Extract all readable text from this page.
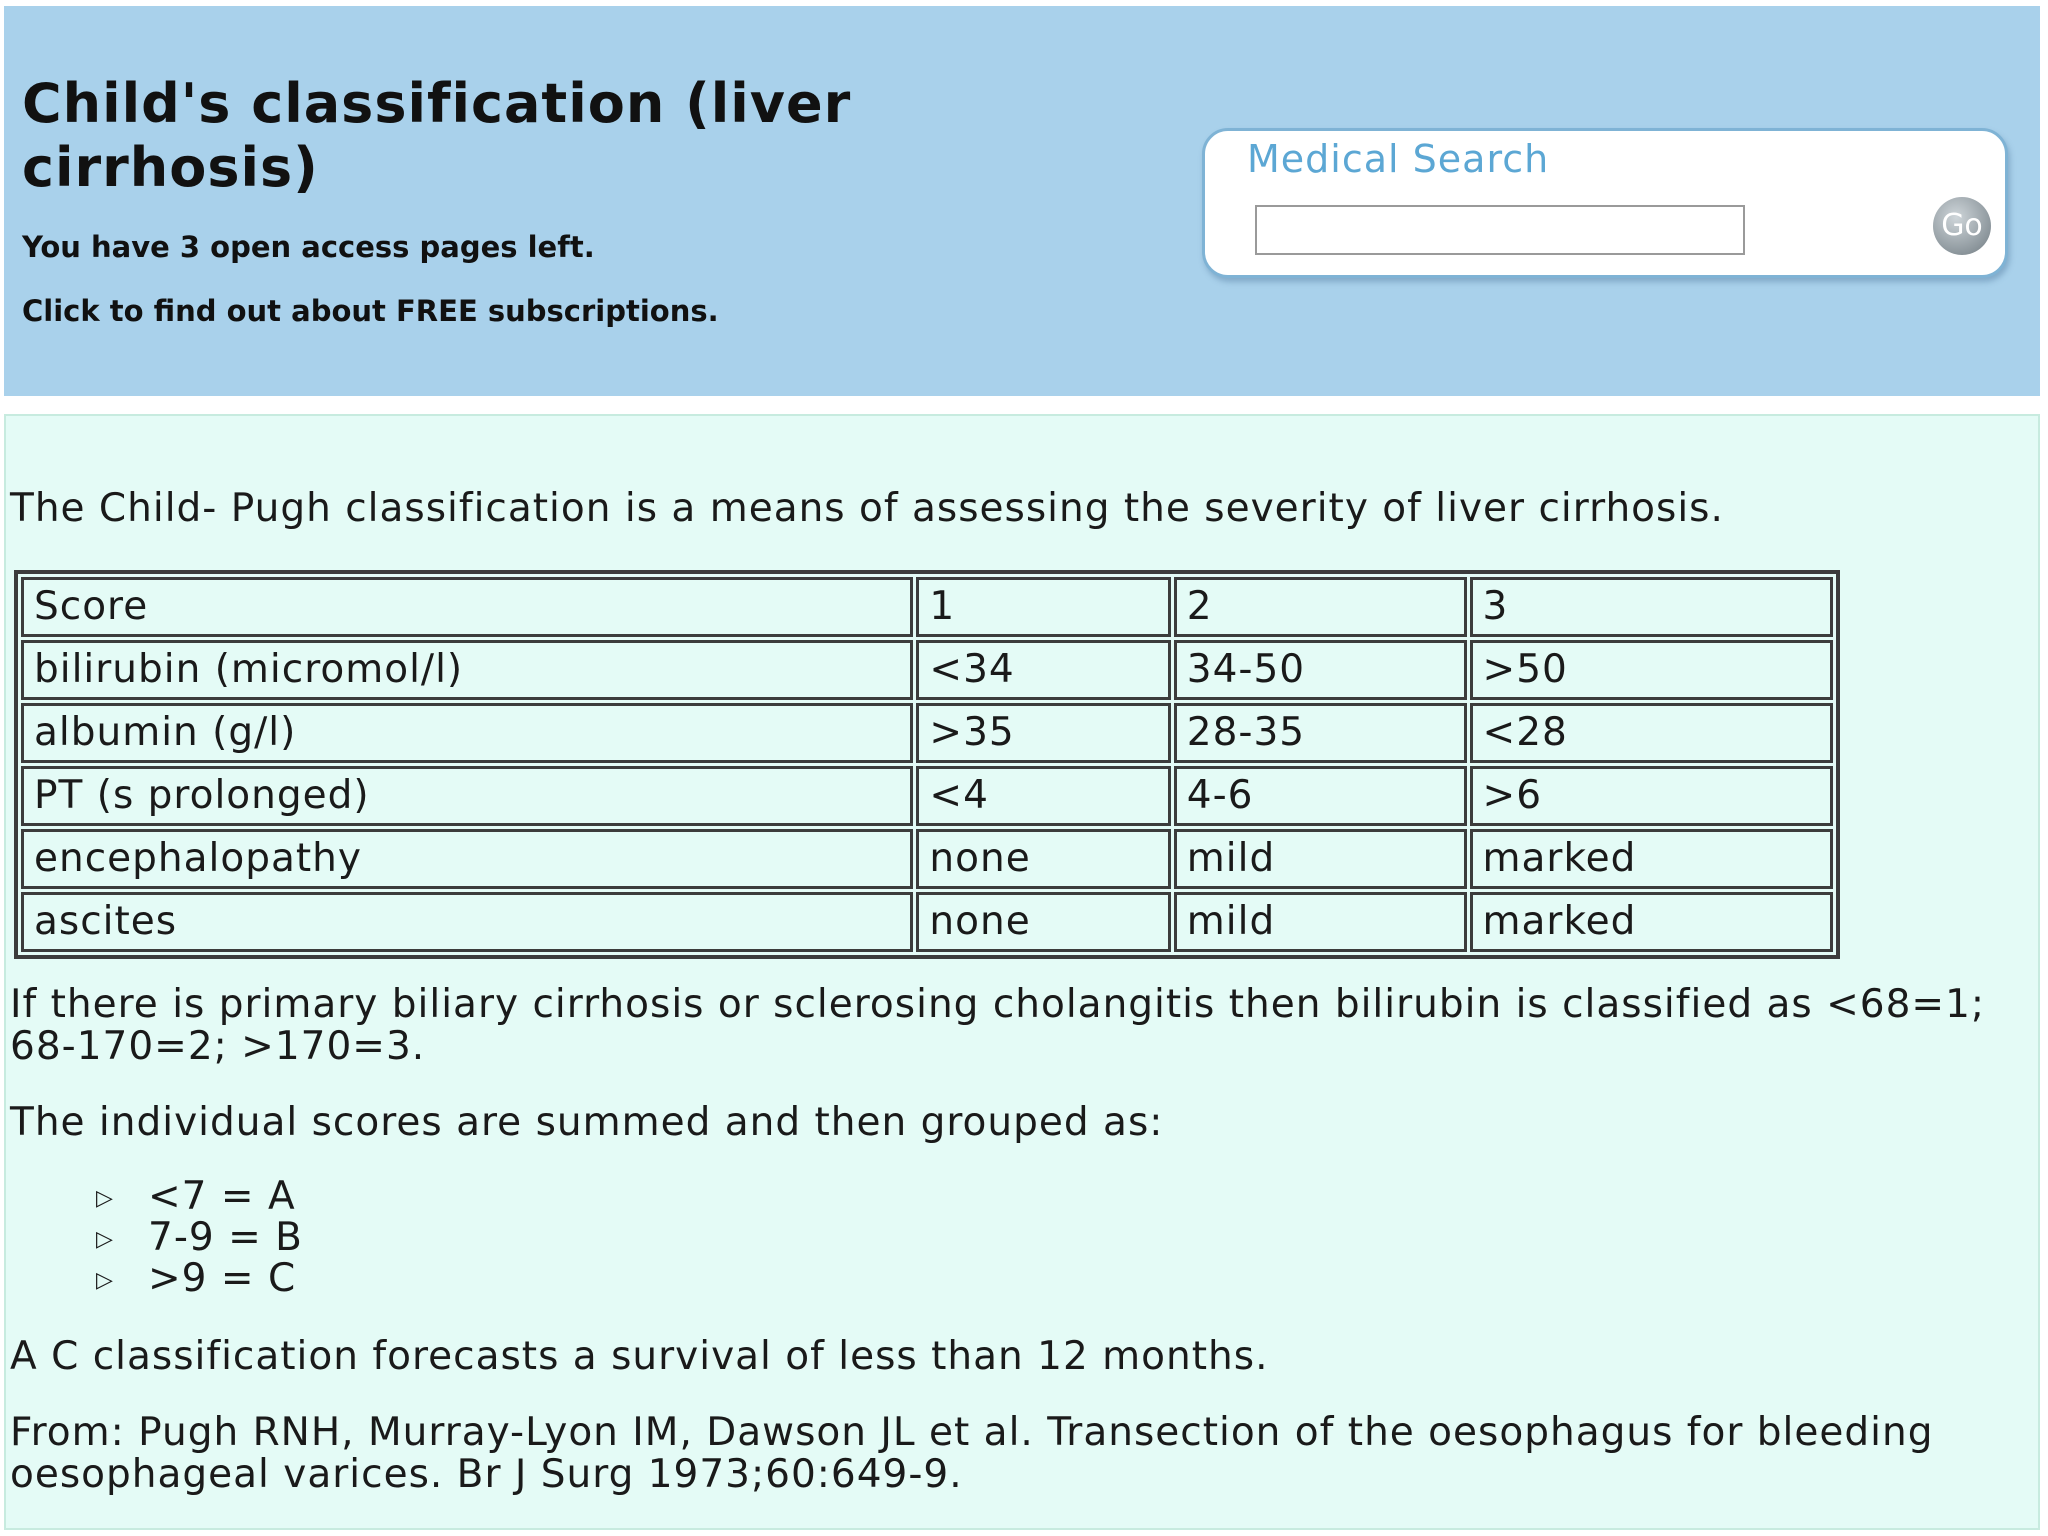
Child's classification (liver cirrhosis)

You have 3 open access pages left.

Click to find out about FREE subscriptions.

Medical Search
Go

The Child- Pugh classification is a means of assessing the severity of liver cirrhosis.

Score	1	2	3
bilirubin (micromol/l)	<34	34-50	>50
albumin (g/l)	>35	28-35	<28
PT (s prolonged)	<4	4-6	>6
encephalopathy	none	mild	marked
ascites	none	mild	marked

If there is primary biliary cirrhosis or sclerosing cholangitis then bilirubin is classified as <68=1;

68-170=2; >170=3.

The individual scores are summed and then grouped as:

▷ <7 = A
▷ 7-9 = B
▷ >9 = C

A C classification forecasts a survival of less than 12 months.

From: Pugh RNH, Murray-Lyon IM, Dawson JL et al. Transection of the oesophagus for bleeding

oesophageal varices. Br J Surg 1973;60:649-9.
